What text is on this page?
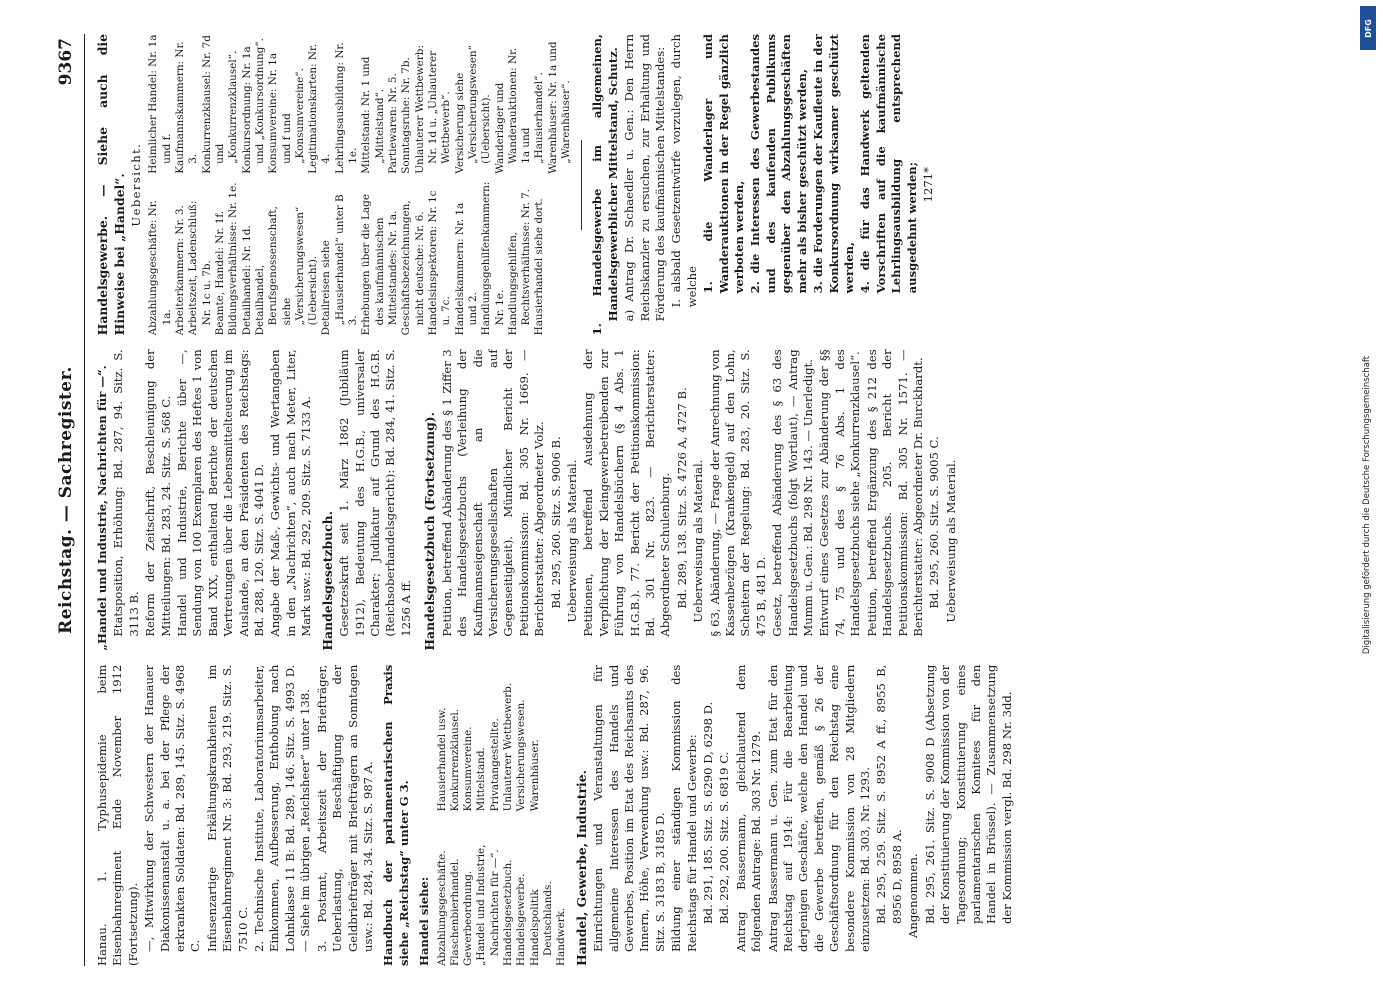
Reichstag. — Sachregister.
9367

Hanau. 1. Typhusepidemie beim Eisenbahnregiment Ende November 1912 (Fortsetzung). —, Mitwirkung der Schwestern der Hanauer Diakonissenanstalt u. a. bei der Pflege der erkrankten Soldaten: Bd. 289, 145. Sitz. S. 4968 C. Infusenzartige Erkältungskrankheiten im Eisenbahnregiment Nr. 3: Bd. 293, 219. Sitz. S. 7510 C. 2. Technische Institute, Laboratoriumsarbeiter, Einkommen, Aufbesserung, Enthobung nach Lohnklasse 11 B: Bd. 289, 146. Sitz. S. 4993 D. — Siehe im übrigen „Reichsheer“ unter 138. 3. Postamt, Arbeitszeit der Briefträger, Ueberlastung, Beschäftigung der Geldbriefträger mit Briefträgern an Sonntagen usw.: Bd. 284, 34. Sitz. S. 987 A. Handbuch der parlamentarischen Praxis siehe „Reichstag“ unter G 3. Handel siehe: Abzahlungsgeschäfte. Flaschenbierhandel. Gewerbeordnung. „Handel und Industrie, Nachrichten für —“. Handelsgesetzbuch. Handelsgewerbe. Handelspolitik Deutschlands. Handwerk.
Hausierhandel usw. Konkurrenzklausel. Konsumvereine. Mittelstand. Privatangestellte. Unlauterer Wettbewerb. Versicherungswesen. Warenhäuser.	Handel, Gewerbe, Industrie. Einrichtungen und Veranstaltungen für allgemeine Interessen des Handels und Gewerbes, Position im Etat des Reichsamts des Innern, Höhe, Verwendung usw.: Bd. 287, 96. Sitz. S. 3183 B, 3185 D. Bildung einer ständigen Kommission des Reichstags für Handel und Gewerbe: Bd. 291, 185. Sitz. S. 6290 D, 6298 D. Bd. 292, 200. Sitz. S. 6819 C. Antrag Bassermann, gleichlautend dem folgenden Antrage: Bd. 303 Nr. 1279. Antrag Bassermann u. Gen. zum Etat für den Reichstag auf 1914: Für die Bearbeitung derjenigen Geschäfte, welche den Handel und die Gewerbe betreffen, gemäß § 26 der Geschäftsordnung für den Reichstag eine besondere Kommission von 28 Mitgliedern einzusetzen: Bd. 303, Nr. 1293. Bd. 295, 259. Sitz. S. 8952 A ff., 8955 B, 8956 D, 8958 A. Angenommen. Bd. 295, 261. Sitz. S. 9008 D (Absetzung der Konstituierung der Kommission von der Tagesordnung; Konstituierung eines parlamentarischen Komitees für den Handel in Brüssel). — Zusammensetzung der Kommission vergl. Bd. 298 Nr. 3dd.

„Handel und Industrie, Nachrichten für —“. Etatsposition, Erhöhung: Bd. 287, 94. Sitz. S. 3113 B. Reform der Zeitschrift, Beschleunigung der Mitteilungen: Bd. 283, 24. Sitz. S. 568 C. Handel und Industrie, Berichte über —, Sendung von 100 Exemplaren des Heftes 1 von Band XIX, enthaltend Berichte der deutschen Vertretungen über die Lebensmittelteuerung im Auslande, an den Präsidenten des Reichstags: Bd. 288, 120. Sitz. S. 4041 D. Angabe der Maß-, Gewichts- und Wertangaben in den „Nachrichten“, auch nach Meter, Liter, Mark usw.: Bd. 292, 209. Sitz. S. 7133 A. Handelsgesetzbuch. Gesetzeskraft seit 1. März 1862 (Jubiläum 1912), Bedeutung des H.G.B., universaler Charakter; Judikatur auf Grund des H.G.B. (Reichsoberhandelsgericht): Bd. 284, 41. Sitz. S. 1256 A ff. Handelsgesetzbuch (Fortsetzung). Petition, betreffend Abänderung des § 1 Ziffer 3 des Handelsgesetzbuchs (Verleihung der Kaufmannseigenschaft an die Versicherungsgesellschaften auf Gegenseitigkeit). Mündlicher Bericht der Petitionskommission: Bd. 305 Nr. 1669. — Berichterstatter: Abgeordneter Volz. Bd. 295, 260. Sitz. S. 9006 B. Ueberweisung als Material. Petitionen, betreffend Ausdehnung der Verpflichtung der Kleingewerbetreibenden zur Führung von Handelsbüchern (§ 4 Abs. 1 H.G.B.). 77. Bericht der Petitionskommission: Bd. 301 Nr. 823. — Berichterstatter: Abgeordneter Schulenburg. Bd. 289, 138. Sitz. S. 4726 A, 4727 B. Ueberweisung als Material. § 63, Abänderung, — Frage der Anrechnung von Kassenbezügen (Krankengeld) auf den Lohn, Scheitern der Regelung: Bd. 283, 20. Sitz. S. 475 B, 481 D. Gesetz, betreffend Abänderung des § 63 des Handelsgesetzbuchs (folgt Wortlaut), — Antrag Mumm u. Gen.: Bd. 298 Nr. 143. — Unerledigt. Entwurf eines Gesetzes zur Abänderung der §§ 74, 75 und des § 76 Abs. 1 des Handelsgesetzbuchs siehe „Konkurrenzklausel“. Petition, betreffend Ergänzung des § 212 des Handelsgesetzbuchs. 205. Bericht der Petitionskommission: Bd. 305 Nr. 1571. — Berichterstatter: Abgeordneter Dr. Burckhardt. Bd. 295, 260. Sitz. S. 9005 C. Ueberweisung als Material.

Handelsgewerbe. — Siehe auch die Hinweise bei „Handel“. Uebersicht.

Abzahlungsgeschäfte: Nr. 1a. Arbeiterkammern: Nr. 3. Arbeitszeit, Ladenschluß: Nr. 1c u. 7b. Beamte, Handel: Nr. 1f. Bildungsverhältnisse: Nr. 1e. Detailhandel: Nr. 1d. Detailhandel, Berufsgenossenschaft, siehe „Versicherungswesen“ (Uebersicht). Detailreisen siehe „Hausierhandel“ unter B 3. Erhebungen über die Lage des kaufmännischen Mittelstandes: Nr. 1a. Geschäftsbezeichnungen, nicht deutsche: Nr. 6. Handelsinspektoren: Nr. 1c u. 7c. Handelskammern: Nr. 1a und 2. Handlungsgehilfenkammern: Nr. 1e. Handlungsgehilfen, Rechtsverhältnisse: Nr. 7. Hausierhandel siehe dort.
Heimlicher Handel: Nr. 1a und f. Kaufmannskammern: Nr. 3. Konkurrenzklausel: Nr. 7d und „Konkurrenzklausel“. Konkursordnung: Nr. 1a und „Konkursordnung“. Konsumvereine: Nr. 1a und f und „Konsumvereine“. Legitimationskarten: Nr. 4. Lehrlingsausbildung: Nr. 1e. Mittelstand: Nr. 1 und „Mittelstand“. Partiewaren: Nr. 5. Sonntagsruhe: Nr. 7b. Unlauterer Wettbewerb: Nr. 1d u. „Unlauterer Wettbewerb“. Versicherung siehe „Versicherungswesen“ (Uebersicht). Wanderlager und Wanderauktionen: Nr. 1a und „Hausierhandel“. Warenhäuser: Nr. 1a und „Warenhäuser“. 1. Handelsgewerbe im allgemeinen, Handelsgewerblicher Mittelstand, Schutz. a) Antrag Dr. Schaedler u. Gen.: Den Herrn Reichskanzler zu ersuchen, zur Erhaltung und Förderung des kaufmännischen Mittelstandes: I. alsbald Gesetzentwürfe vorzulegen, durch welche 1. die Wanderlager und Wanderauktionen in der Regel gänzlich verboten werden, 2. die Interessen des Gewerbestandes und des kaufenden Publikums gegenüber den Abzahlungsgeschäften mehr als bisher geschützt werden, 3. die Forderungen der Kaufleute in der Konkursordnung wirksamer geschützt werden, 4. die für das Handwerk geltenden Vorschriften auf die kaufmännische Lehrlingsausbildung entsprechend ausgedehnt werden; 1271*

Digitalisierung gefördert durch die Deutsche Forschungsgemeinschaft
DFG
